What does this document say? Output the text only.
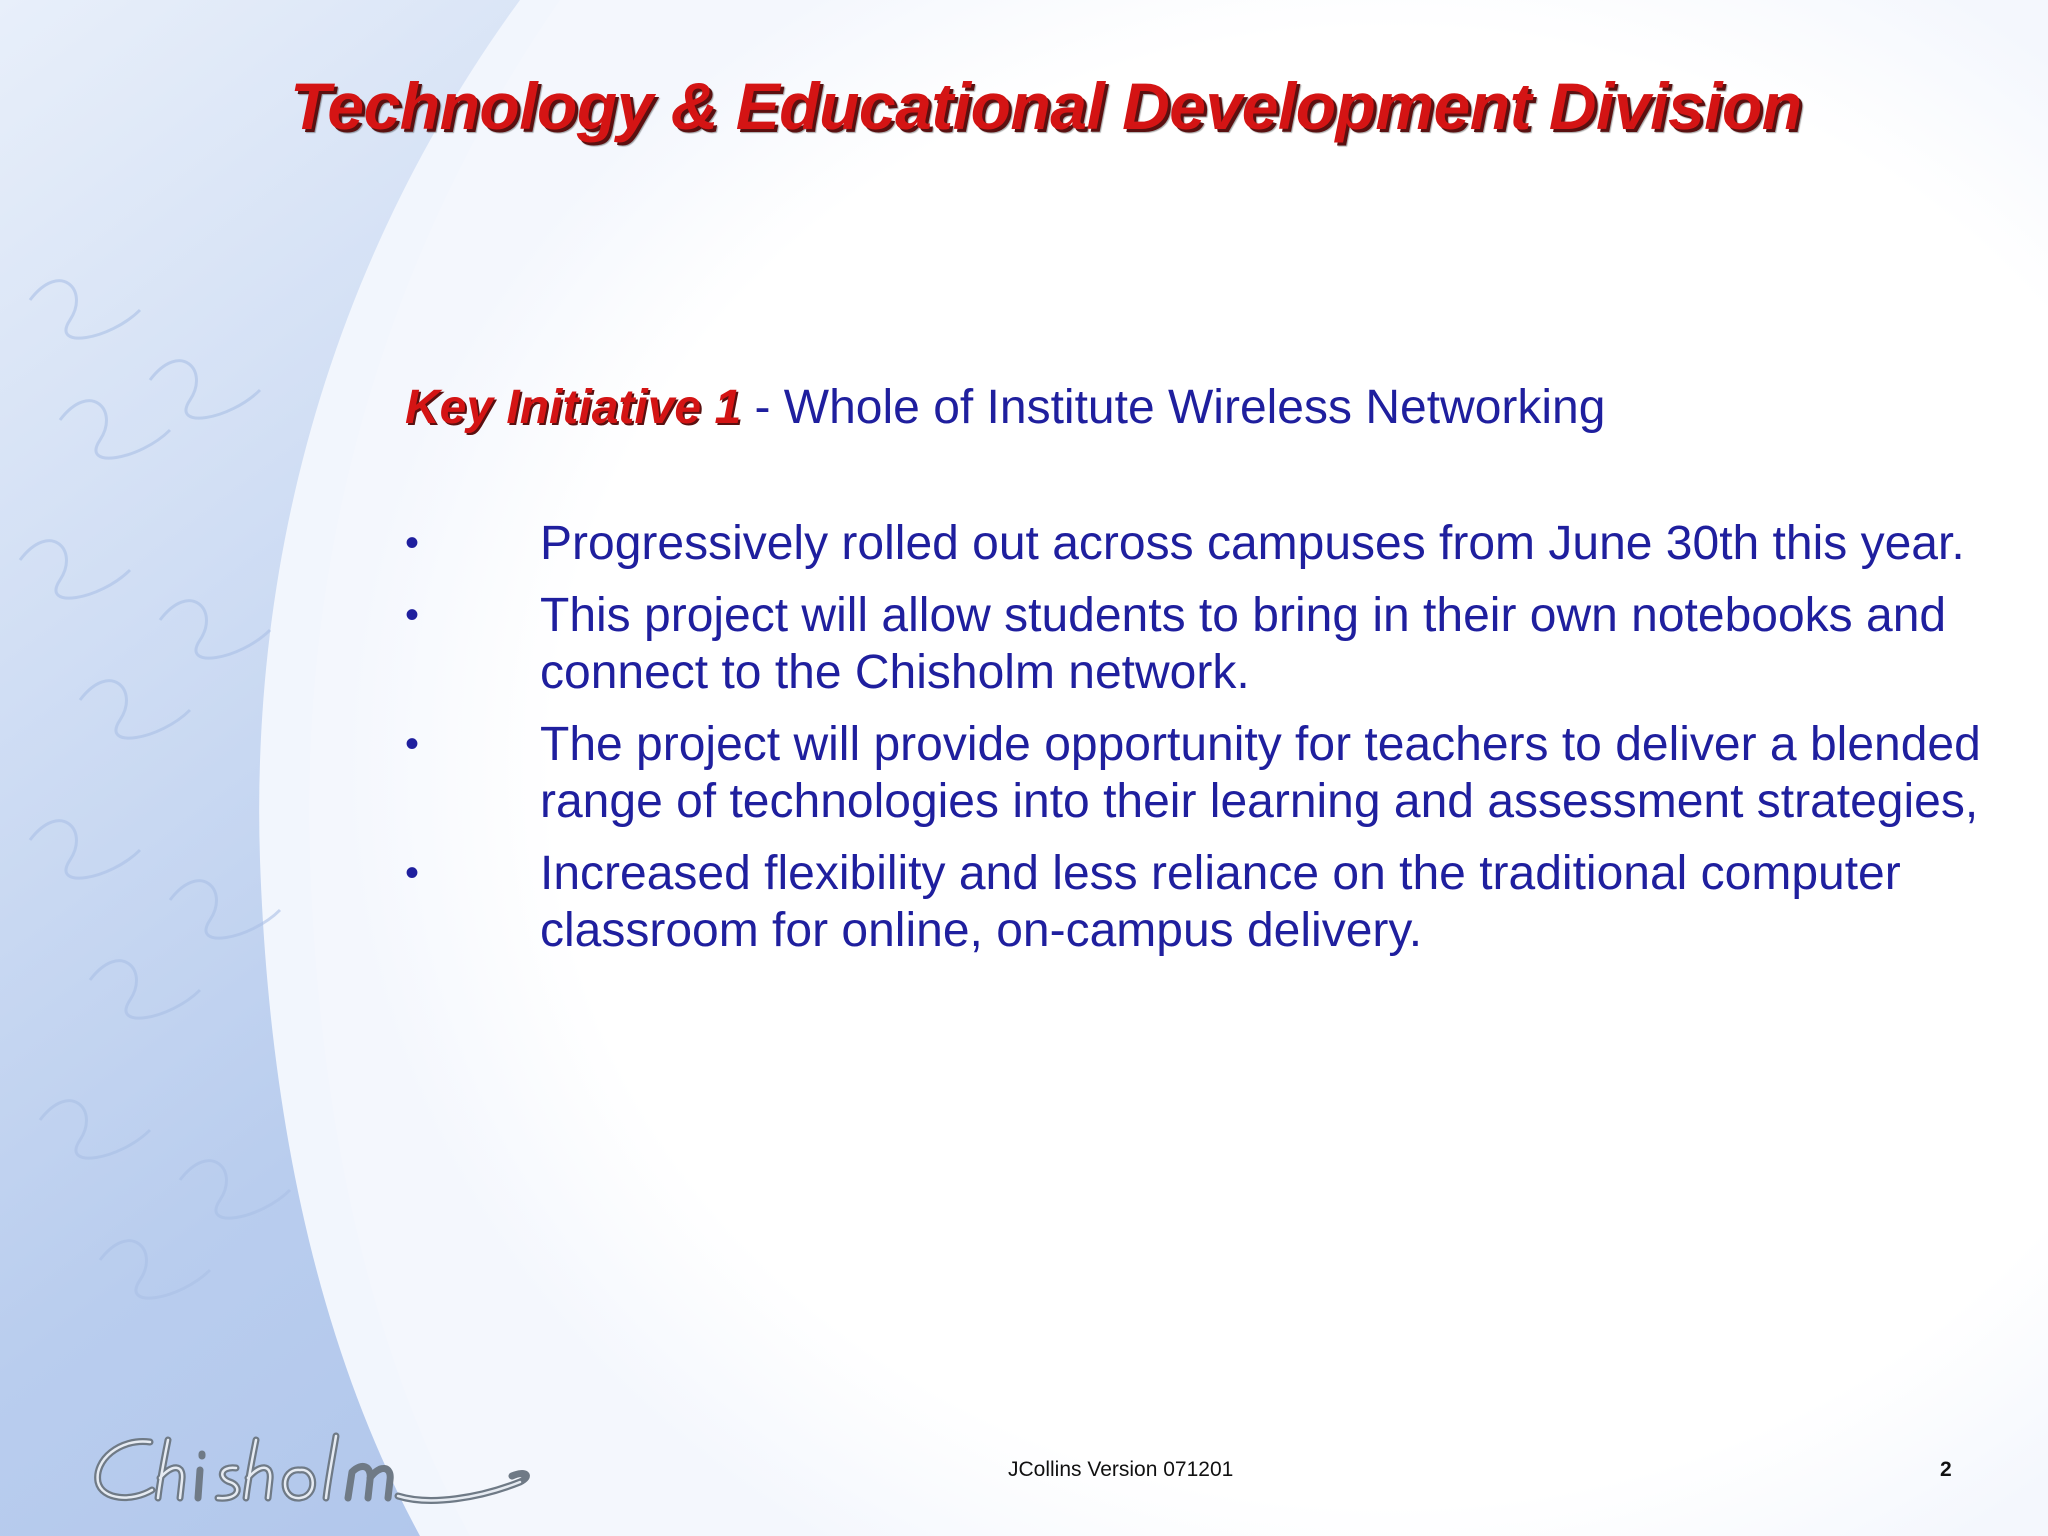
Technology & Educational Development Division
Key Initiative 1 - Whole of Institute Wireless Networking
•	Progressively rolled out across campuses from June 30th this year.
•	This project will allow students to bring in their own notebooks and connect to the Chisholm network.
•	The project will provide opportunity for teachers to deliver a blended range of technologies into their learning and assessment strategies,
•	Increased flexibility and less reliance on the traditional computer classroom for online, on-campus delivery.
JCollins Version 071201	2
